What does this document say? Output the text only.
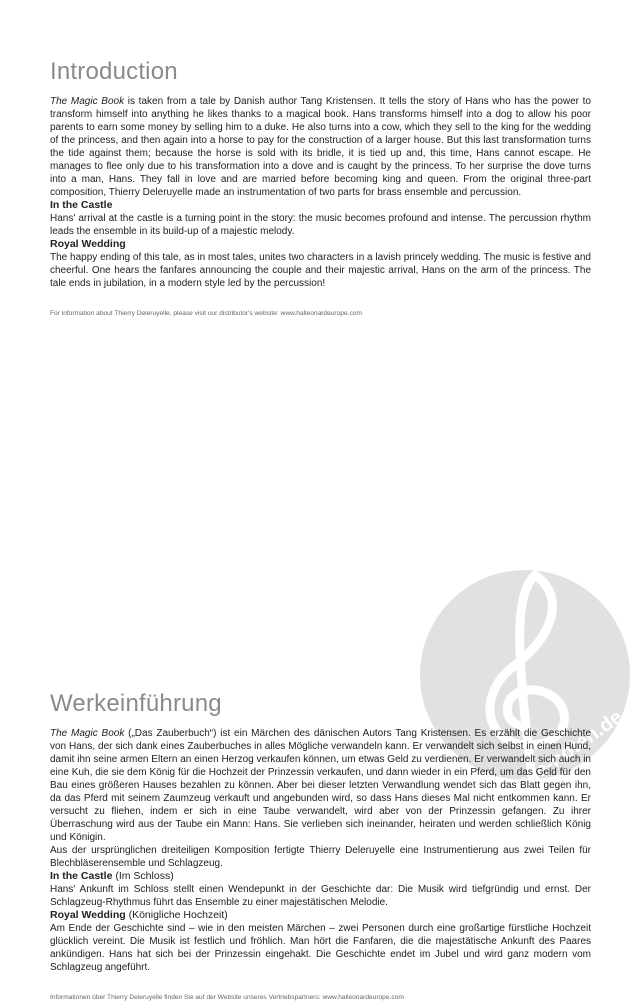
alle-noten.de
Introduction

The Magic Book is taken from a tale by Danish author Tang Kristensen. It tells the story of Hans who has the power to transform himself into anything he likes thanks to a magical book. Hans transforms himself into a dog to allow his poor parents to earn some money by selling him to a duke. He also turns into a cow, which they sell to the king for the wedding of the princess, and then again into a horse to pay for the construction of a larger house. But this last transformation turns the tide against them; because the horse is sold with its bridle, it is tied up and, this time, Hans cannot escape. He manages to flee only due to his transformation into a dove and is caught by the princess. To her surprise the dove turns into a man, Hans. They fall in love and are married before becoming king and queen. From the original three-part composition, Thierry Deleruyelle made an instrumentation of two parts for brass ensemble and percussion.

In the Castle

Hans' arrival at the castle is a turning point in the story: the music becomes profound and intense. The percussion rhythm leads the ensemble in its build-up of a majestic melody.

Royal Wedding

The happy ending of this tale, as in most tales, unites two characters in a lavish princely wedding. The music is festive and cheerful. One hears the fanfares announcing the couple and their majestic arrival, Hans on the arm of the princess. The tale ends in jubilation, in a modern style led by the percussion!

For information about Thierry Deleruyelle, please visit our distributor's website: www.halleonardeurope.com

Werkeinführung

The Magic Book („Das Zauberbuch“) ist ein Märchen des dänischen Autors Tang Kristensen. Es erzählt die Geschichte von Hans, der sich dank eines Zauberbuches in alles Mögliche verwandeln kann. Er verwandelt sich selbst in einen Hund, damit ihn seine armen Eltern an einen Herzog verkaufen können, um etwas Geld zu verdienen. Er verwandelt sich auch in eine Kuh, die sie dem König für die Hochzeit der Prinzessin verkaufen, und dann wieder in ein Pferd, um das Geld für den Bau eines größeren Hauses bezahlen zu können. Aber bei dieser letzten Verwandlung wendet sich das Blatt gegen ihn, da das Pferd mit seinem Zaumzeug verkauft und angebunden wird, so dass Hans dieses Mal nicht entkommen kann. Er versucht zu fliehen, indem er sich in eine Taube verwandelt, wird aber von der Prinzessin gefangen. Zu ihrer Überraschung wird aus der Taube ein Mann: Hans. Sie verlieben sich ineinander, heiraten und werden schließlich König und Königin.

Aus der ursprünglichen dreiteiligen Komposition fertigte Thierry Deleruyelle eine Instrumentierung aus zwei Teilen für Blechbläserensemble und Schlagzeug.

In the Castle (Im Schloss)

Hans' Ankunft im Schloss stellt einen Wendepunkt in der Geschichte dar: Die Musik wird tiefgründig und ernst. Der Schlagzeug-Rhythmus führt das Ensemble zu einer majestätischen Melodie.

Royal Wedding (Königliche Hochzeit)

Am Ende der Geschichte sind – wie in den meisten Märchen – zwei Personen durch eine großartige fürstliche Hochzeit glücklich vereint. Die Musik ist festlich und fröhlich. Man hört die Fanfaren, die die majestätische Ankunft des Paares ankündigen. Hans hat sich bei der Prinzessin eingehakt. Die Geschichte endet im Jubel und wird ganz modern vom Schlagzeug angeführt.

Informationen über Thierry Deleruyelle finden Sie auf der Website unseres Vertriebspartners: www.halleonardeurope.com
